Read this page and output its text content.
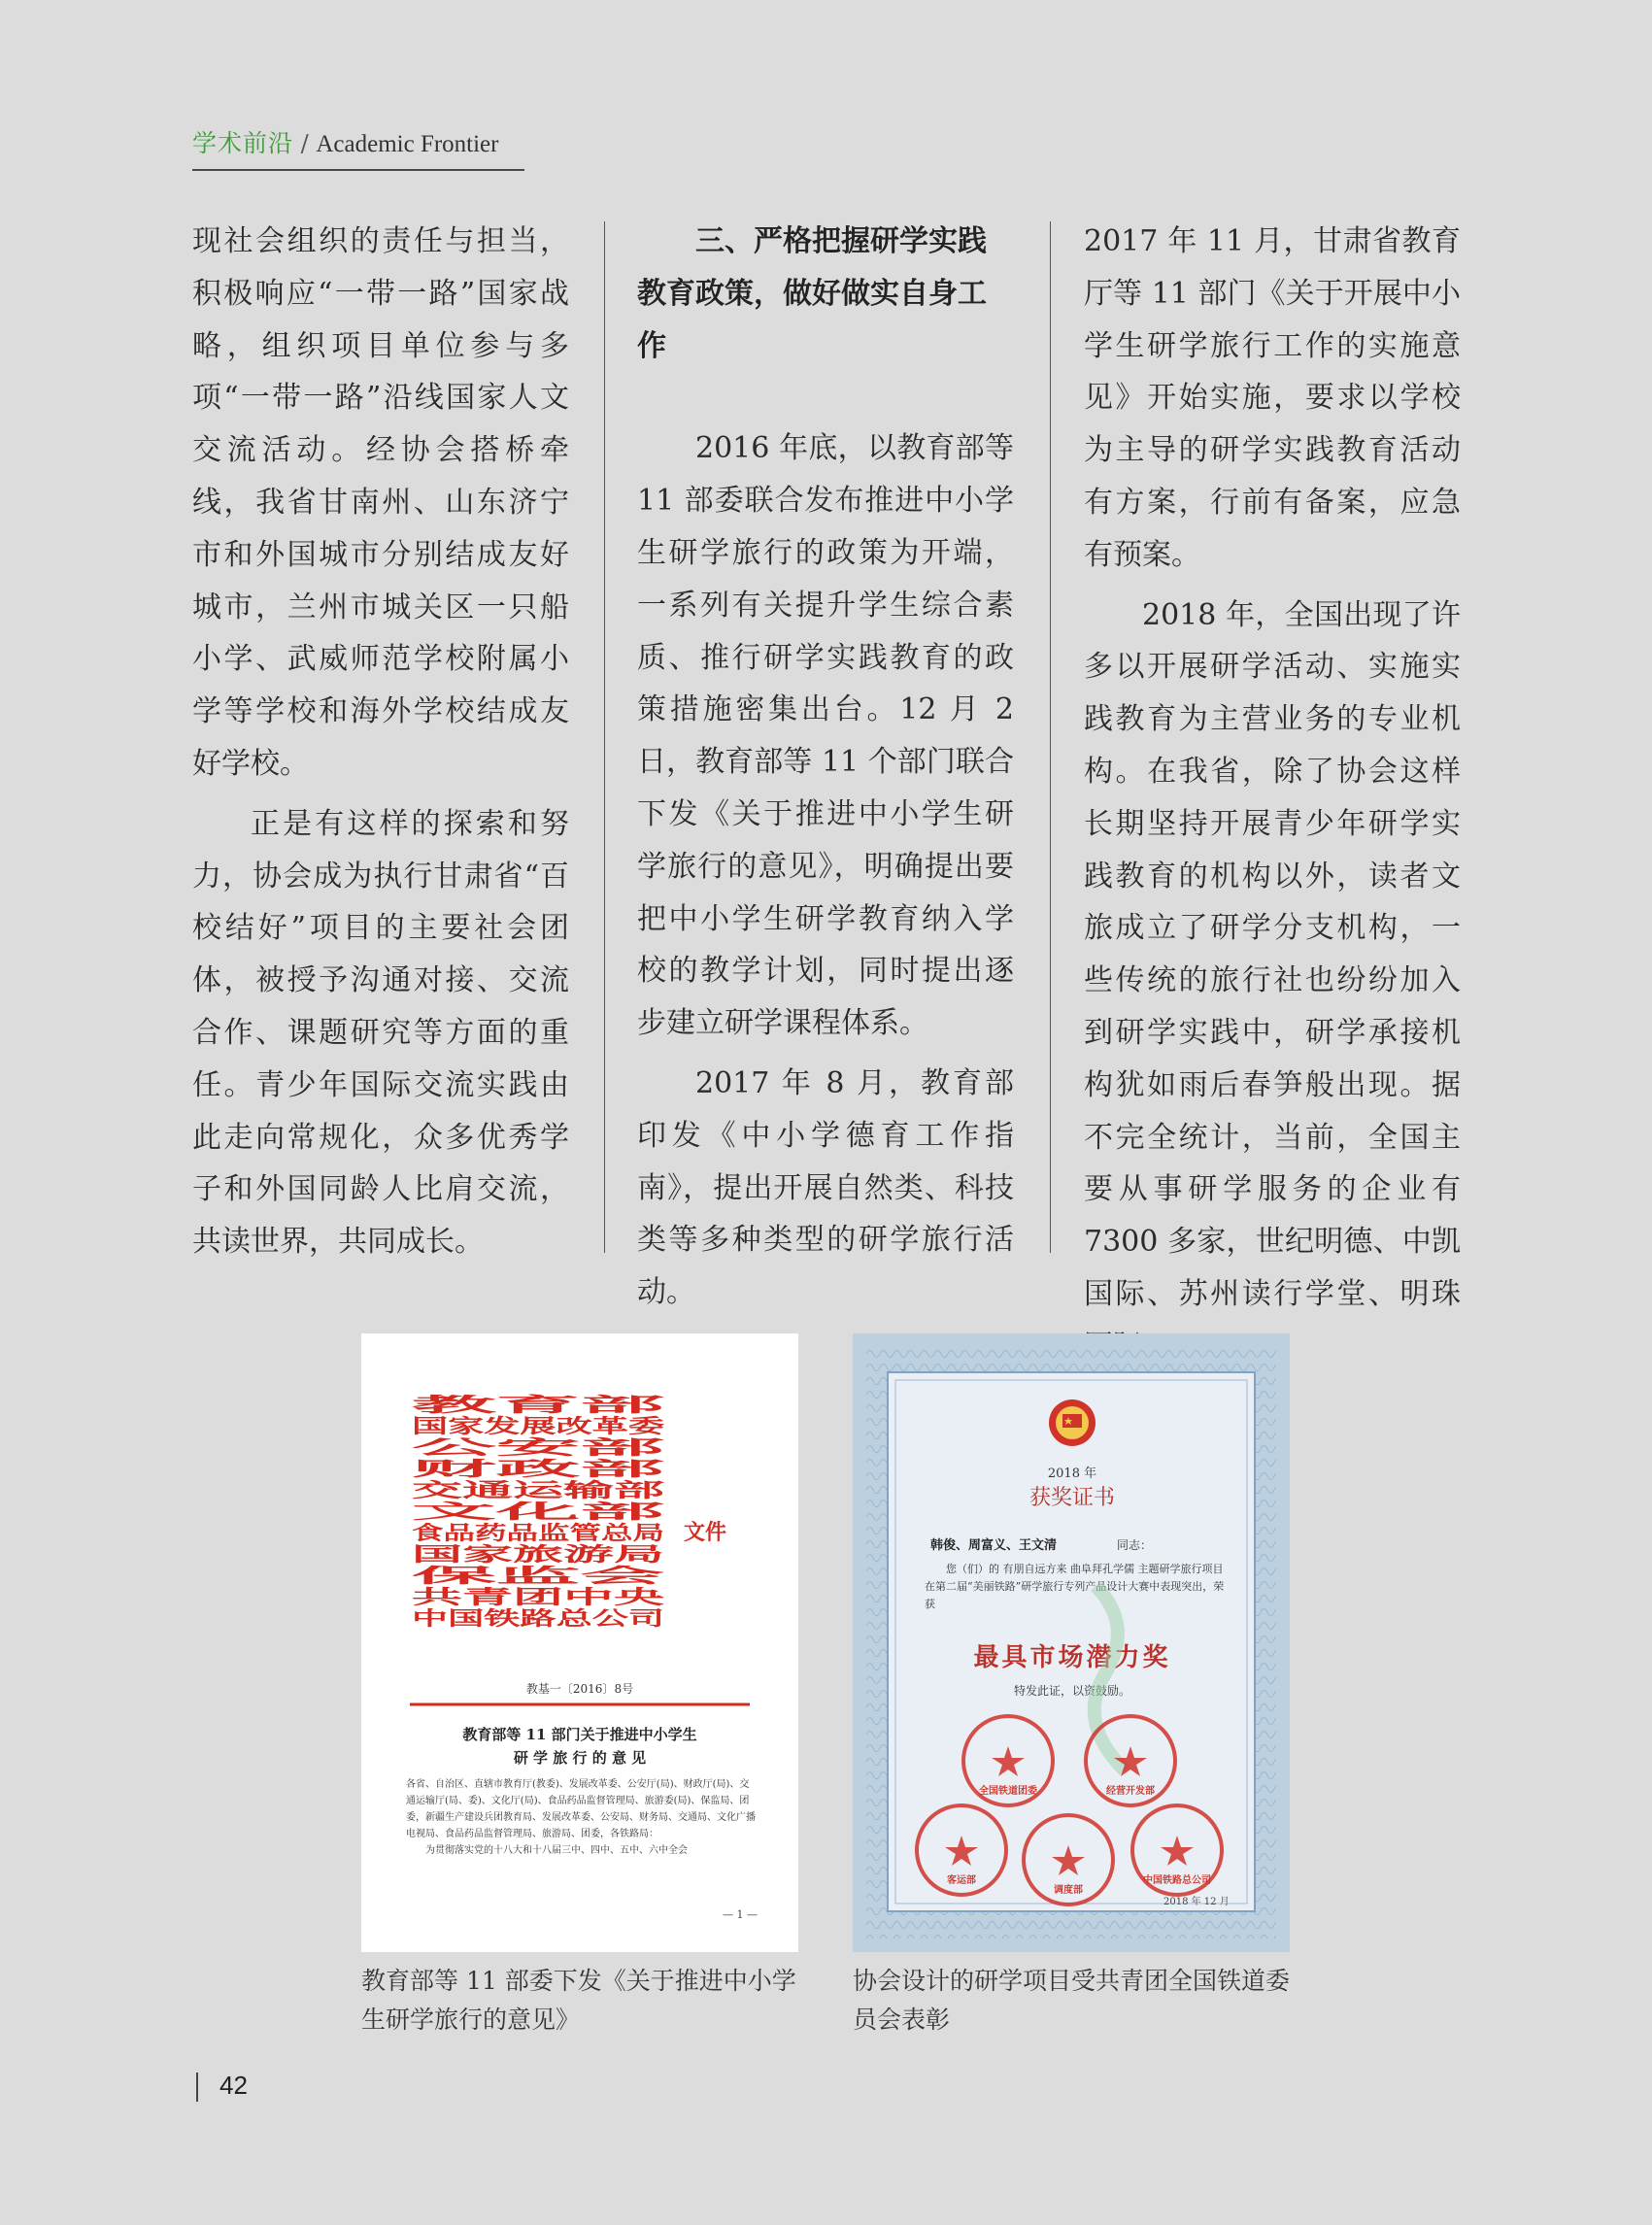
学术前沿 / Academic Frontier

现社会组织的责任与担当，积极响应“一带一路”国家战略，组织项目单位参与多项“一带一路”沿线国家人文交流活动。经协会搭桥牵线，我省甘南州、山东济宁市和外国城市分别结成友好城市，兰州市城关区一只船小学、武威师范学校附属小学等学校和海外学校结成友好学校。

正是有这样的探索和努力，协会成为执行甘肃省“百校结好”项目的主要社会团体，被授予沟通对接、交流合作、课题研究等方面的重任。青少年国际交流实践由此走向常规化，众多优秀学子和外国同龄人比肩交流，共读世界，共同成长。

三、严格把握研学实践教育政策，做好做实自身工作

2016 年底，以教育部等 11 部委联合发布推进中小学生研学旅行的政策为开端，一系列有关提升学生综合素质、推行研学实践教育的政策措施密集出台。12 月 2 日，教育部等 11 个部门联合下发《关于推进中小学生研学旅行的意见》，明确提出要把中小学生研学教育纳入学校的教学计划，同时提出逐步建立研学课程体系。

2017 年 8 月，教育部印发《中小学德育工作指南》，提出开展自然类、科技类等多种类型的研学旅行活动。

2017 年 11 月，甘肃省教育厅等 11 部门《关于开展中小学生研学旅行工作的实施意见》开始实施，要求以学校为主导的研学实践教育活动有方案，行前有备案，应急有预案。

2018 年，全国出现了许多以开展研学活动、实施实践教育为主营业务的专业机构。在我省，除了协会这样长期坚持开展青少年研学实践教育的机构以外，读者文旅成立了研学分支机构，一些传统的旅行社也纷纷加入到研学实践中，研学承接机构犹如雨后春笋般出现。据不完全统计，当前，全国主要从事研学服务的企业有 7300 多家，世纪明德、中凯国际、苏州读行学堂、明珠

教育部
国家发展改革委
公安部
财政部
交通运输部
文化部
食品药品监管总局
国家旅游局
保监会
共青团中央
中国铁路总公司
文件
教基一〔2016〕8号
教育部等 11 部门关于推进中小学生
研 学 旅 行 的 意 见
各省、自治区、直辖市教育厅(教委)、发展改革委、公安厅(局)、财政厅(局)、交通运输厅(局、委)、文化厅(局)、食品药品监督管理局、旅游委(局)、保监局、团委，新疆生产建设兵团教育局、发展改革委、公安局、财务局、交通局、文化广播电视局、食品药品监督管理局、旅游局、团委，各铁路局：
为贯彻落实党的十八大和十八届三中、四中、五中、六中全会
— 1 —
2018 年
获奖证书
韩俊、周富义、王文清	同志：
您（们）的 有朋自远方来 曲阜拜孔学儒 主题研学旅行项目在第二届“美丽铁路”研学旅行专列产品设计大赛中表现突出，荣获
最具市场潜力奖
特发此证，以资鼓励。
全国铁道团委	经营开发部
客运部
调度部
中国铁路总公司
2018 年 12 月
教育部等 11 部委下发《关于推进中小学生研学旅行的意见》
协会设计的研学项目受共青团全国铁道委员会表彰
42
